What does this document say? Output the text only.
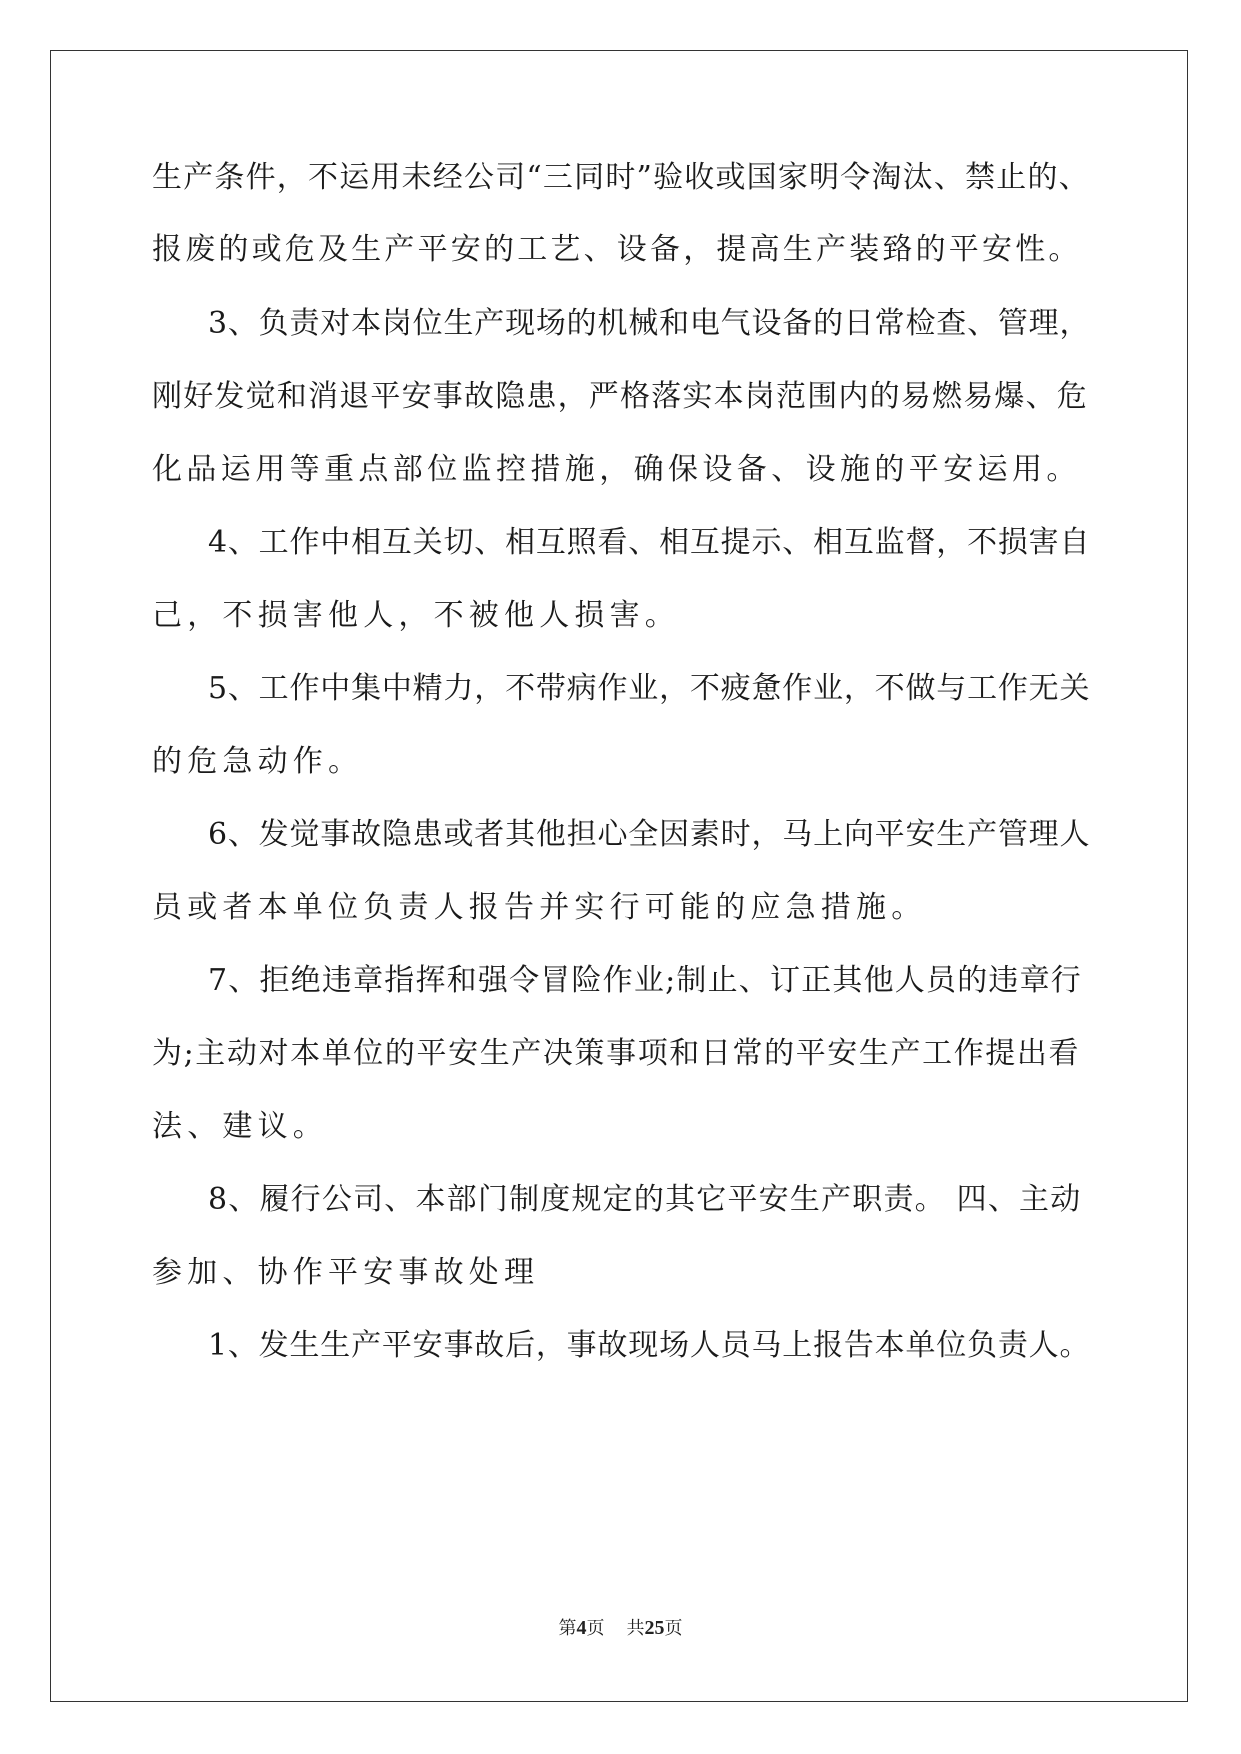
生产条件，不运用未经公司“三同时”验收或国家明令淘汰、禁止的、
报废的或危及生产平安的工艺、设备，提高生产装臵的平安性。
3、负责对本岗位生产现场的机械和电气设备的日常检查、管理，
刚好发觉和消退平安事故隐患，严格落实本岗范围内的易燃易爆、危
化品运用等重点部位监控措施，确保设备、设施的平安运用。
4、工作中相互关切、相互照看、相互提示、相互监督，不损害自
己，不损害他人，不被他人损害。
5、工作中集中精力，不带病作业，不疲惫作业，不做与工作无关
的危急动作。
6、发觉事故隐患或者其他担心全因素时，马上向平安生产管理人
员或者本单位负责人报告并实行可能的应急措施。
7、拒绝违章指挥和强令冒险作业;制止、订正其他人员的违章行
为;主动对本单位的平安生产决策事项和日常的平安生产工作提出看
法、建议。
8、履行公司、本部门制度规定的其它平安生产职责。 四、主动
参加、协作平安事故处理
1、发生生产平安事故后，事故现场人员马上报告本单位负责人。
第4页 共25页
